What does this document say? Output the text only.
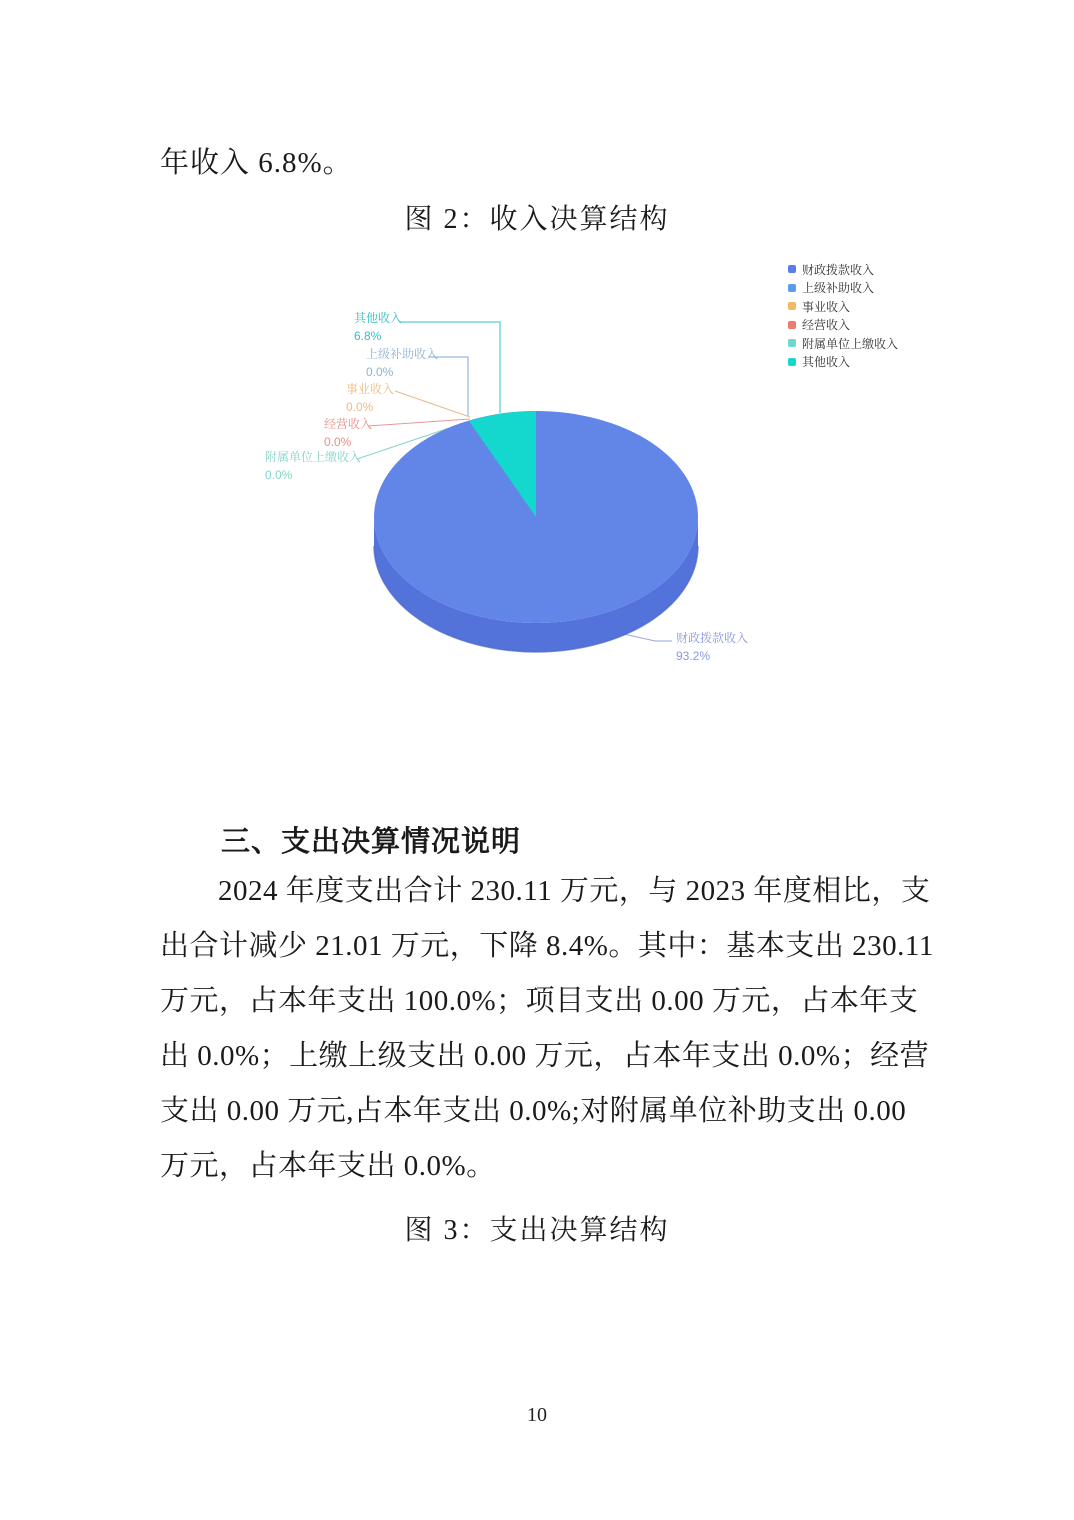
年收入 6.8%。
图 2：收入决算结构
其他收入
6.8%
上级补助收入
0.0%
事业收入
0.0%
经营收入
0.0%
附属单位上缴收入
0.0%
财政拨款收入
93.2%
财政拨款收入
上级补助收入
事业收入
经营收入
附属单位上缴收入
其他收入
三、支出决算情况说明
2024 年度支出合计 230.11 万元，与 2023 年度相比，支
出合计减少 21.01 万元，下降 8.4%。其中：基本支出 230.11
万元，占本年支出 100.0%；项目支出 0.00 万元，占本年支
出 0.0%；上缴上级支出 0.00 万元，占本年支出 0.0%；经营
支出 0.00 万元,占本年支出 0.0%;对附属单位补助支出 0.00
万元，占本年支出 0.0%。
图 3：支出决算结构
10
